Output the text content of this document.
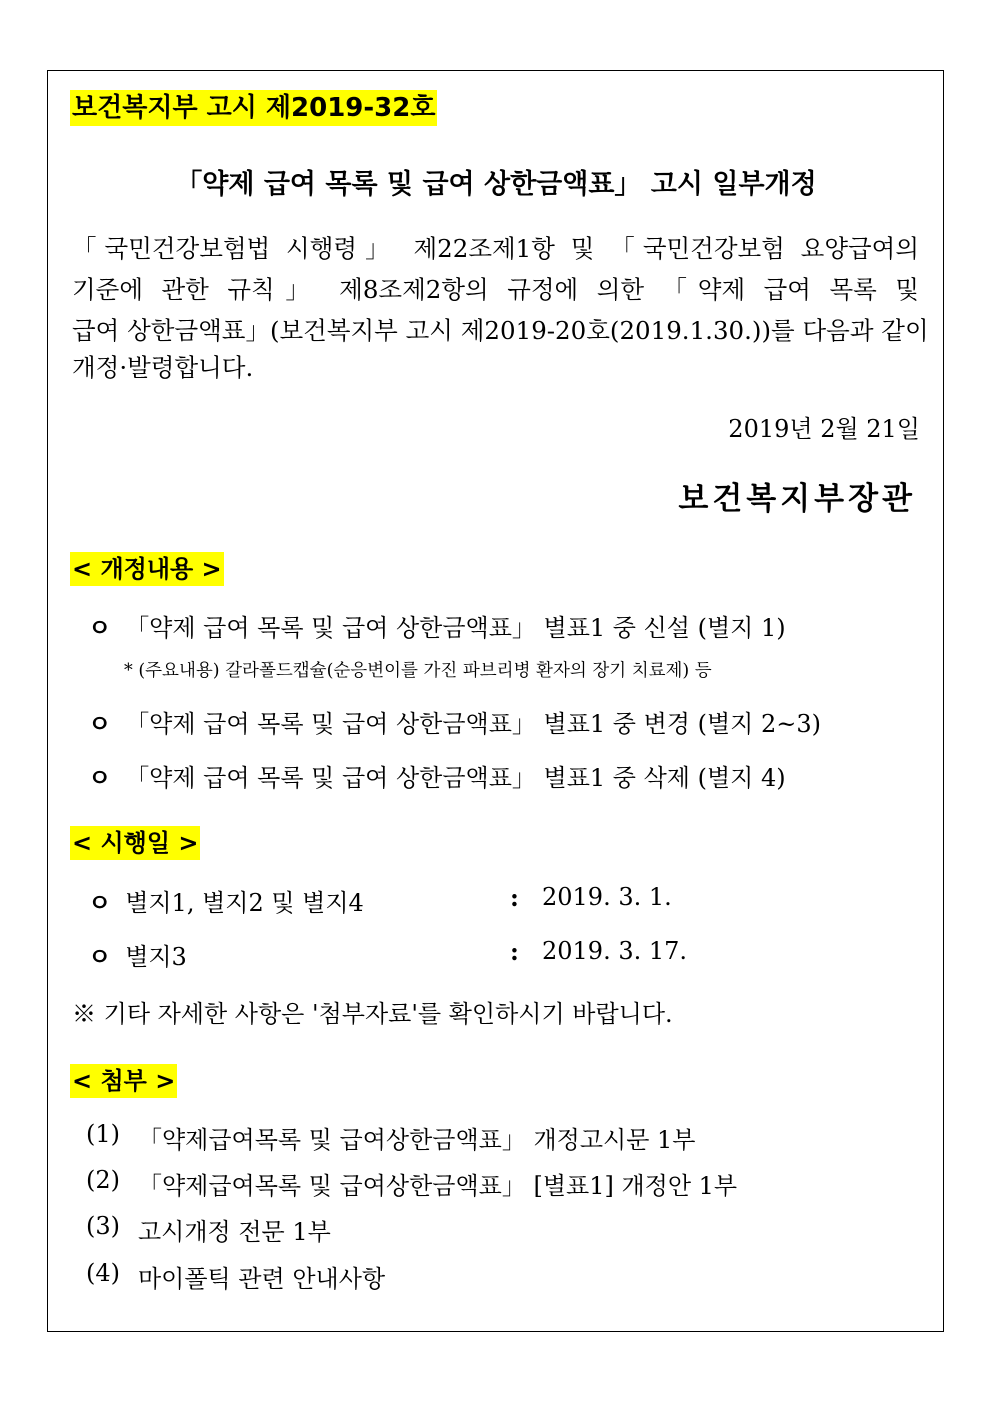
보건복지부 고시 제2019-32호
「약제 급여 목록 및 급여 상한금액표」 고시 일부개정
「국민건강보험법 시행령」 제22조제1항 및 「국민건강보험 요양급여의
기준에 관한 규칙」 제8조제2항의 규정에 의한 「약제 급여 목록 및
급여 상한금액표」(보건복지부 고시 제2019-20호(2019.1.30.))를 다음과 같이
개정·발령합니다.
2019년 2월 21일
보건복지부장관
< 개정내용 >
ㅇ 「약제 급여 목록 및 급여 상한금액표」 별표1 중 신설 (별지 1)
* (주요내용) 갈라폴드캡슐(순응변이를 가진 파브리병 환자의 장기 치료제) 등
ㅇ 「약제 급여 목록 및 급여 상한금액표」 별표1 중 변경 (별지 2~3)
ㅇ 「약제 급여 목록 및 급여 상한금액표」 별표1 중 삭제 (별지 4)
< 시행일 >
ㅇ 별지1, 별지2 및 별지4	: 2019. 3. 1.
ㅇ 별지3	: 2019. 3. 17.
※ 기타 자세한 사항은 '첨부자료'를 확인하시기 바랍니다.
< 첨부 >
(1) 「약제급여목록 및 급여상한금액표」 개정고시문 1부
(2) 「약제급여목록 및 급여상한금액표」 [별표1] 개정안 1부
(3) 고시개정 전문 1부
(4) 마이폴틱 관련 안내사항
